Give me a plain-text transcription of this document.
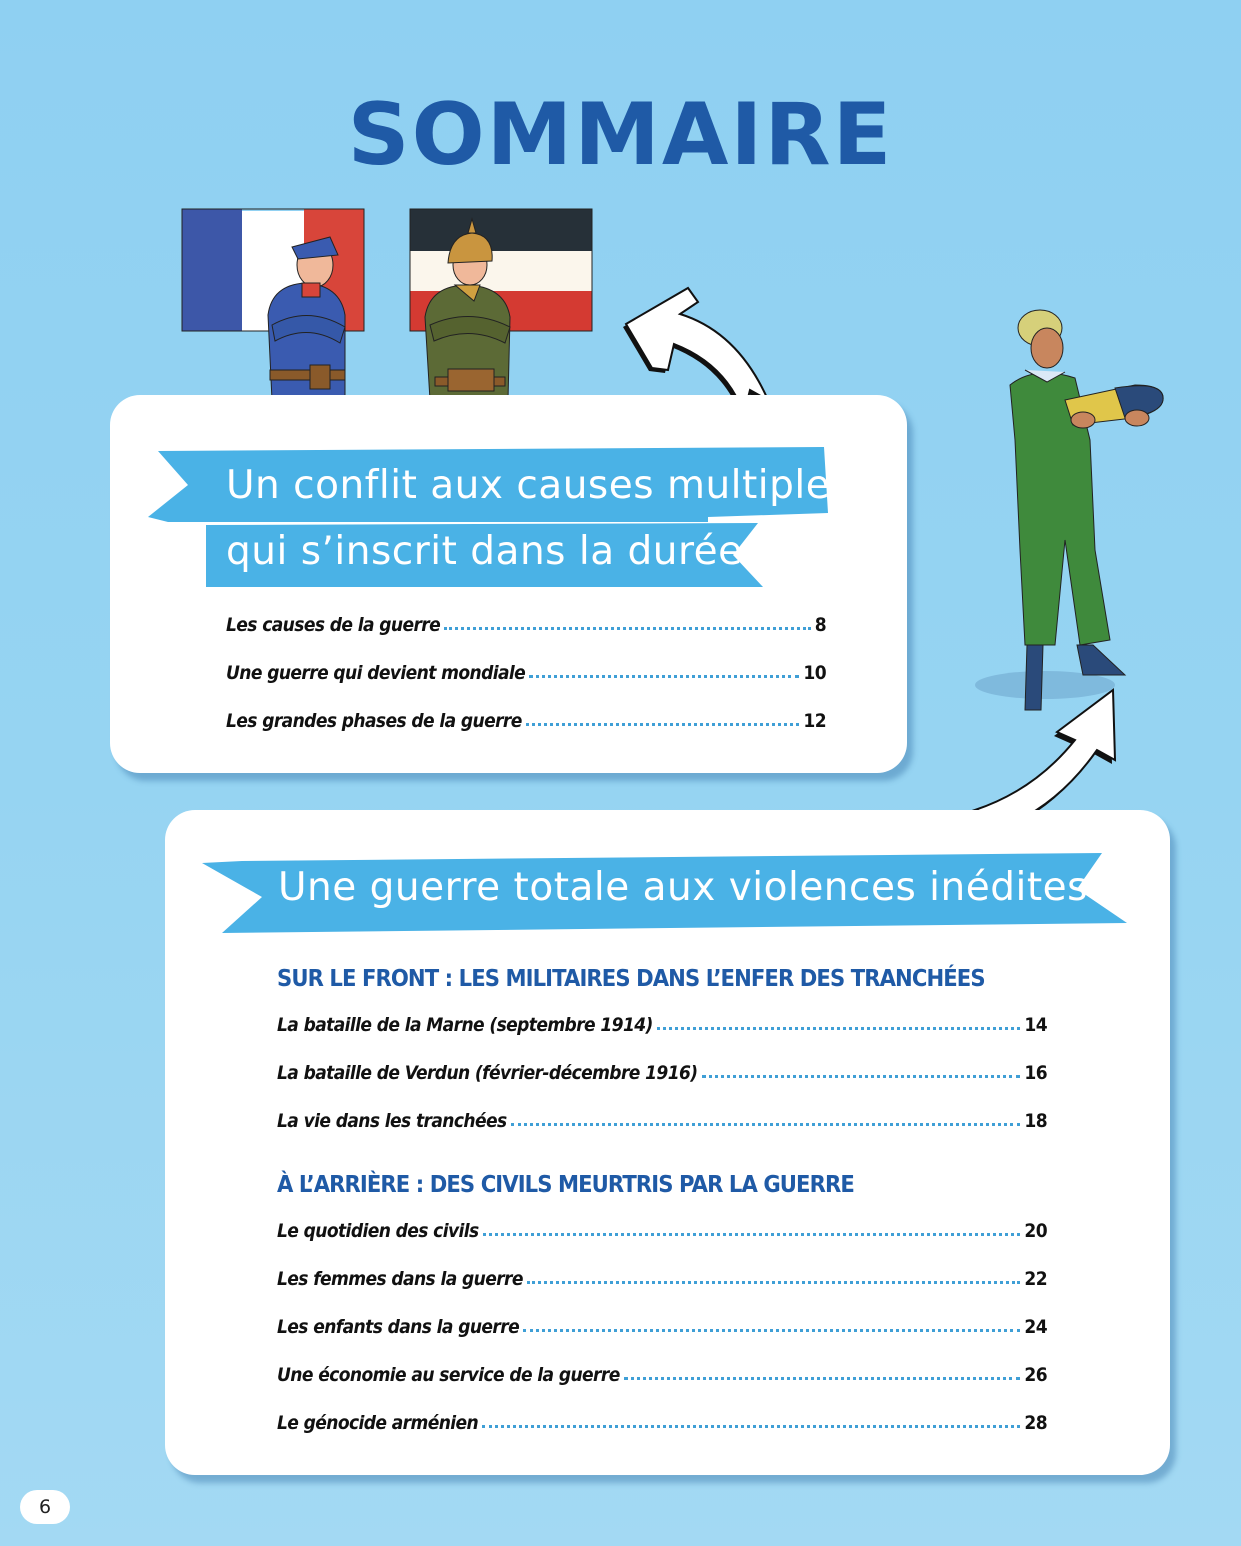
SOMMAIRE
Un conflit aux causes multiples
qui s’inscrit dans la durée
Les causes de la guerre	8
Une guerre qui devient mondiale	10
Les grandes phases de la guerre	12
Une guerre totale aux violences inédites
SUR LE FRONT : LES MILITAIRES DANS L’ENFER DES TRANCHÉES
La bataille de la Marne (septembre 1914)	14
La bataille de Verdun (février-décembre 1916)	16
La vie dans les tranchées	18
À L’ARRIÈRE : DES CIVILS MEURTRIS PAR LA GUERRE
Le quotidien des civils	20
Les femmes dans la guerre	22
Les enfants dans la guerre	24
Une économie au service de la guerre	26
Le génocide arménien	28
6
